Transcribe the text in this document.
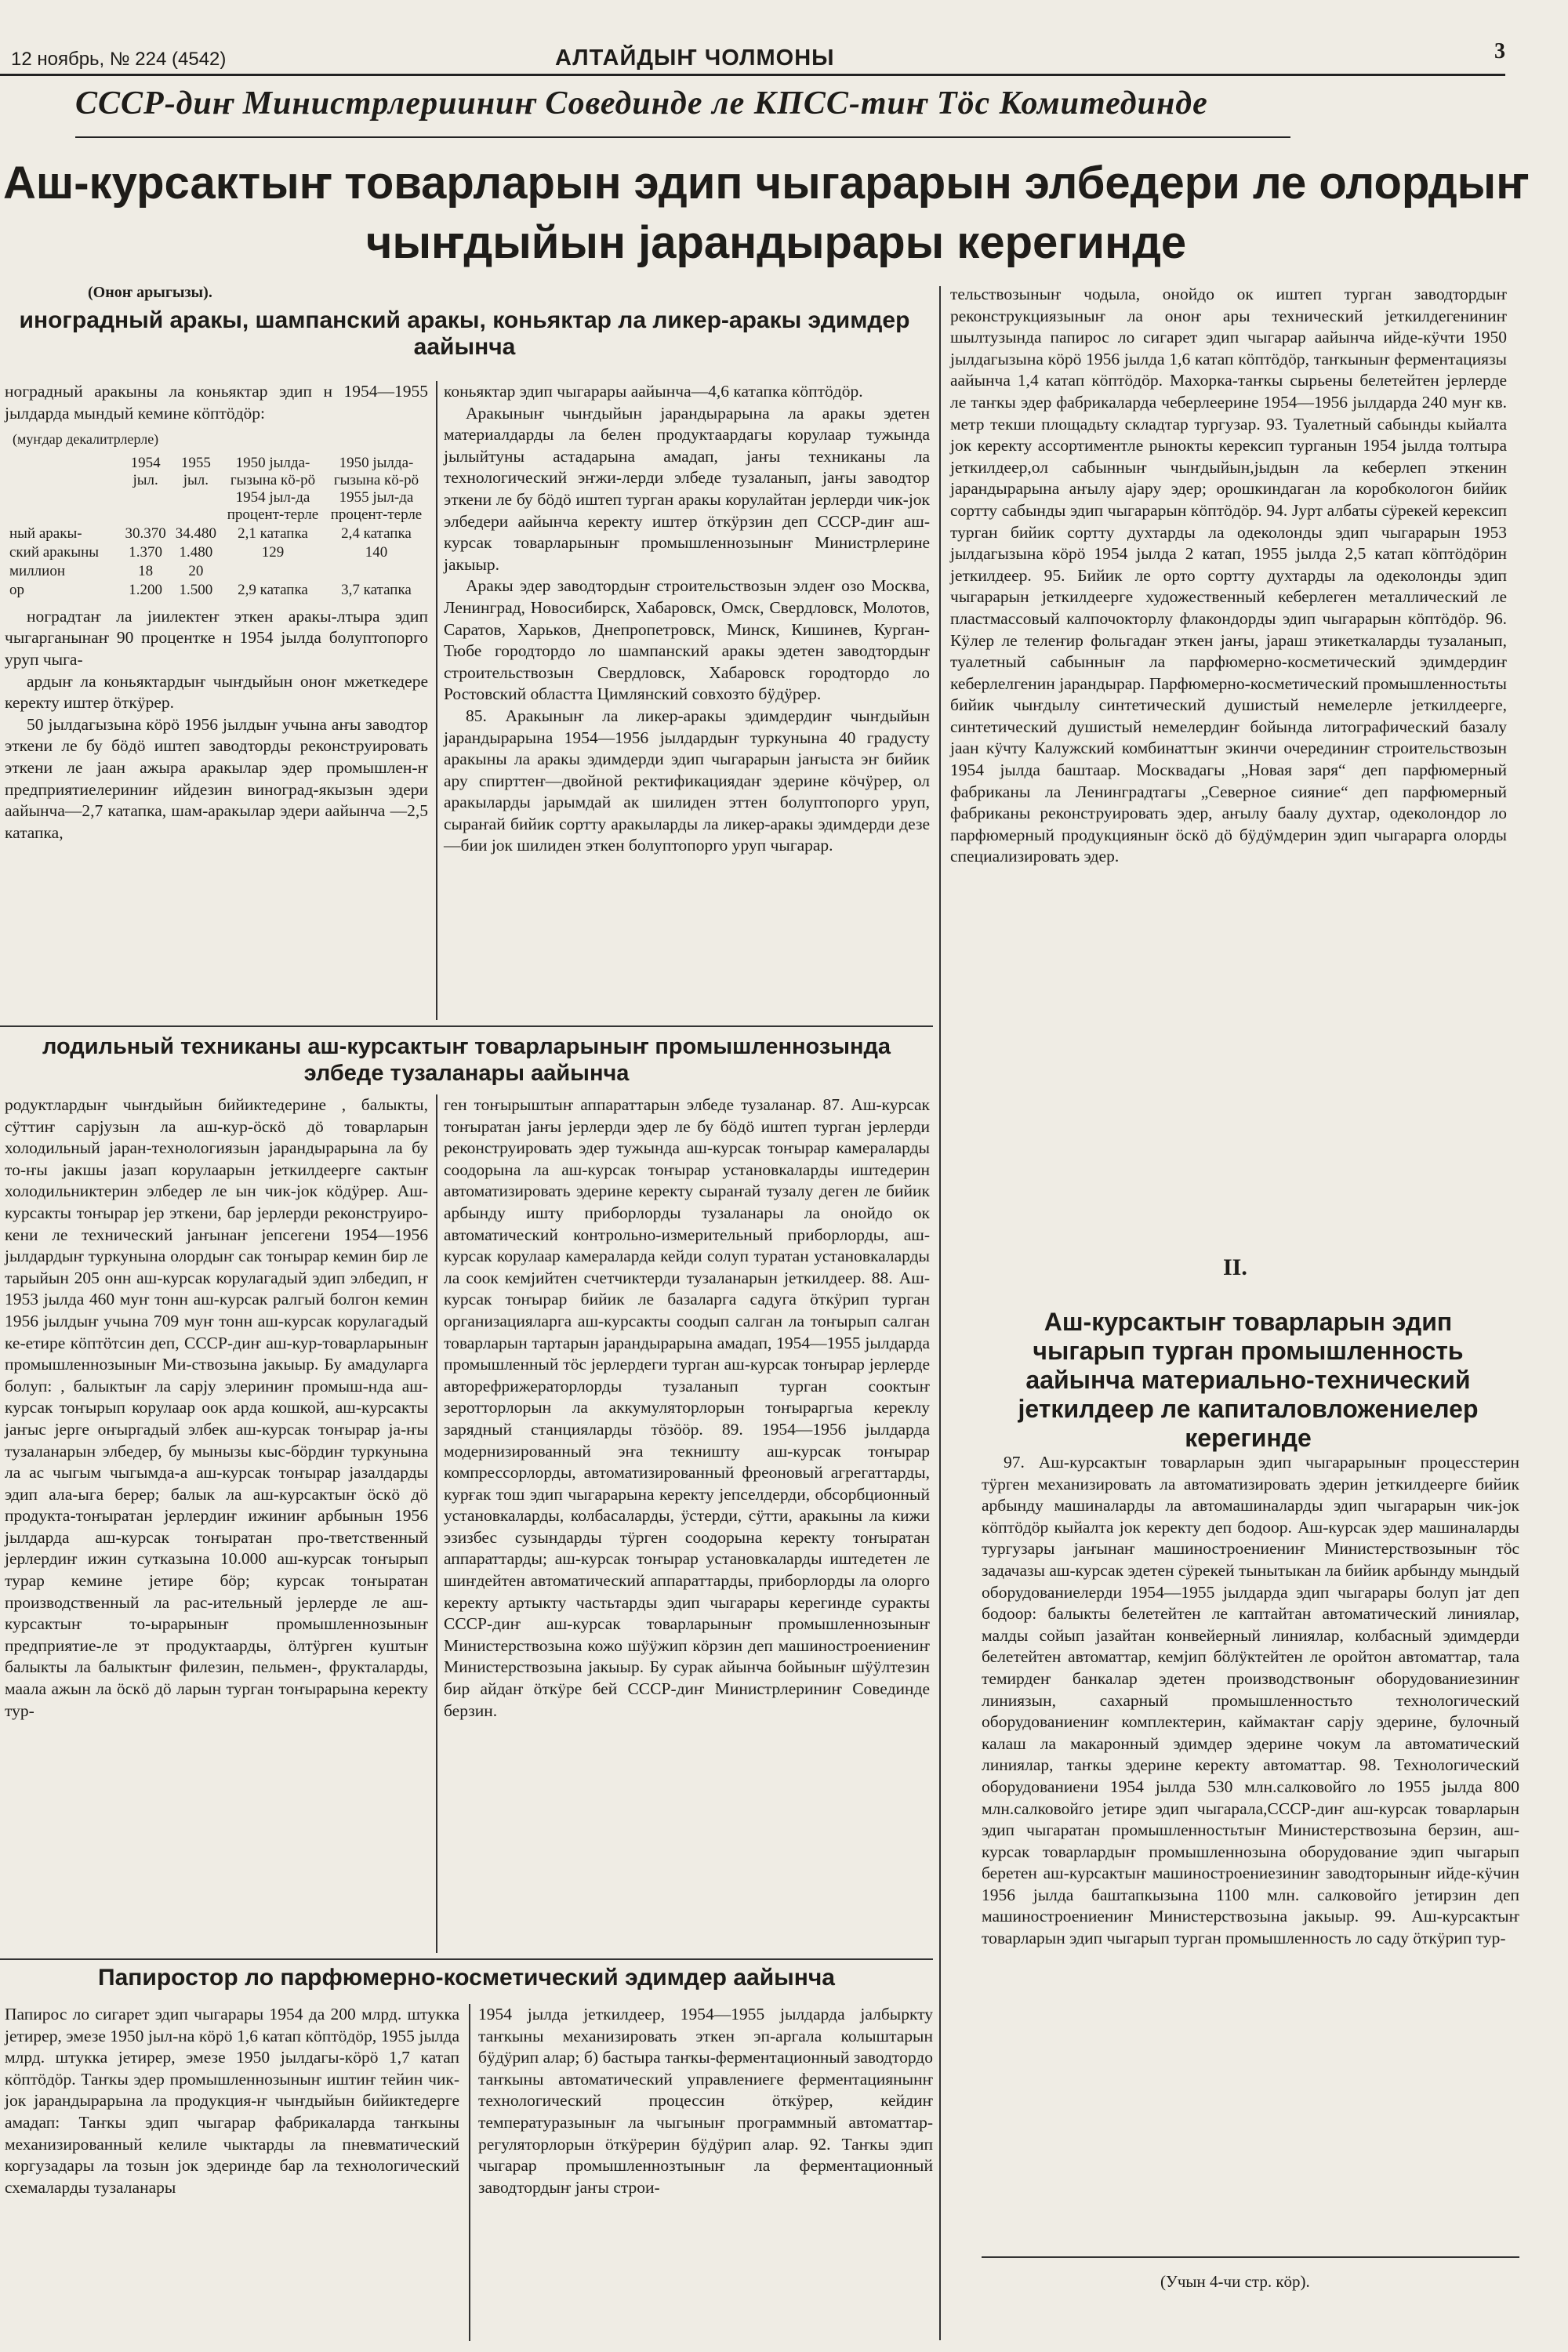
12 ноябрь, № 224 (4542)	АЛТАЙДЫҤ ЧОЛМОНЫ	3
СССР-диҥ Министрлерииниҥ Совединде ле КПСС-тиҥ Тӧс Комитединде
Аш-курсактыҥ товарларын эдип чыгарарын элбедери ле олордыҥ
чыҥдыйын јарандырары керегинде
(Оноҥ арыгызы).
иноградный аракы, шампанский аракы, коньяктар ла ликер-аракы эдимдер аайынча

ноградный аракыны ла коньяктар эдип н 1954—1955 јылдарда мындый кемине кӧптӧдӧр:

(муҥдар декалитрлерле)
	1954 јыл.	1955 јыл.	1950 јылда-гызына кӧ-рӧ 1954 јыл-да процент-терле	1950 јылда-гызына кӧ-рӧ 1955 јыл-да процент-терле
ный аракы-	30.370	34.480	2,1 катапка	2,4 катапка
ский аракыны	1.370	1.480	129	140
миллион	18	20		
ор	1.200	1.500	2,9 катапка	3,7 катапка

ноградтаҥ ла јиилектеҥ эткен аракы-лтыра эдип чыгарганынаҥ 90 процентке н 1954 јылда болуптопорго уруп чыга-

ардыҥ ла коньяктардыҥ чыҥдыйын оноҥ мжеткедере керекту иштер ӧткӱрер.

50 јылдагызына кӧрӧ 1956 јылдыҥ учына аҥы заводтор эткени ле бу бӧдӧ иштеп заводторды реконструировать эткени ле јаан ажыра аракылар эдер промышлен-ҥ предприятиелериниҥ ийдезин виноград-якызын эдери аайынча—2,7 катапка, шам-аракылар эдери аайынча —2,5 катапка,

коньяктар эдип чыгарары аайынча—4,6 катапка кӧптӧдӧр.

Аракыныҥ чыҥдыйын јарандырарына ла аракы эдетен материалдарды ла белен продуктаардагы корулаар тужында јылыйтуны астадарына амадап, јаҥы техниканы ла технологический эҥжи-лерди элбеде тузаланып, јаҥы заводтор эткени ле бу бӧдӧ иштеп турган аракы корулайтан јерлерди чик-јок элбедери аайынча керекту иштер ӧткӱрзин деп СССР-диҥ аш-курсак товарларыныҥ промышленнозыныҥ Министрлерине јакыыр.

Аракы эдер заводтордыҥ строительствозын элдеҥ озо Москва, Ленинград, Новосибирск, Хабаровск, Омск, Свердловск, Молотов, Саратов, Харьков, Днепропетровск, Минск, Кишинев, Курган-Тюбе городтордо ло шампанский аракы эдетен заводтордыҥ строительствозын Свердловск, Хабаровск городтордо ло Ростовский областта Цимлянский совхозто бӱдӱрер.

85. Аракыныҥ ла ликер-аракы эдимдердиҥ чыҥдыйын јарандырарына 1954—1956 јылдардыҥ туркунына 40 градусту аракыны ла аракы эдимдерди эдип чыгарарын јаҥыста эҥ бийик ару спирттеҥ—двойной ректификациядаҥ эдерине кӧчӱрер, ол аракыларды јарымдай ак шилиден эттен болуптопорго уруп, сыраҥай бийик сортту аракыларды ла ликер-аракы эдимдерди дезе—бии јок шилиден эткен болуптопорго уруп чыгарар.

лодильный техниканы аш-курсактыҥ товарларыныҥ промышленнозында элбеде тузаланары аайынча

родуктлардыҥ чыҥдыйын бийиктедерине , балыкты, сӱттиҥ сарјузын ла аш-кур-ӧскӧ дӧ товарларын холодильный јаран-технологиязын јарандырарына ла бу то-ҥы јакшы јазап корулаарын јеткилдеерге сактыҥ холодильниктерин элбедер ле ын чик-јок кӧдӱрер. Аш-курсакты тоҥырар јер эткени, бар јерлерди реконструиро-кени ле технический јаҥынаҥ јепсегени 1954—1956 јылдардыҥ туркунына олордыҥ сак тоҥырар кемин бир ле тарыйын 205 онн аш-курсак корулагадый эдип элбедип, ҥ 1953 јылда 460 муҥ тонн аш-курсак ралгый болгон кемин 1956 јылдыҥ учына 709 муҥ тонн аш-курсак корулагадый ке-етире кӧптӧтсин деп, СССР-диҥ аш-кур-товарларыныҥ промышленнозыныҥ Ми-ствозына јакыыр. Бу амадуларга болуп: , балыктыҥ ла сарју элериниҥ промыш-нда аш-курсак тоҥырып корулаар оок арда кошкой, аш-курсакты јаҥыс јерге оҥыргадый элбек аш-курсак тоҥырар ја-ҥы тузаланарын элбедер, бу мынызы кыс-бӧрдиҥ туркунына ла ас чыгым чыгымда-а аш-курсак тоҥырар јазалдарды эдип ала-ыга берер; балык ла аш-курсактыҥ ӧскӧ дӧ продукта-тоҥыратан јерлердиҥ ижиниҥ арбынын 1956 јылдарда аш-курсак тоҥыратан про-тветственный јерлердиҥ ижин сутказына 10.000 аш-курсак тоҥырып турар кемине јетире бӧр; курсак тоҥыратан производственный ла рас-ительный јерлерде ле аш-курсактыҥ то-ырарыныҥ промышленнозыныҥ предприятие-ле эт продуктаарды, ӧлтӱрген куштыҥ балыкты ла балыктыҥ филезин, пельмен-, фрукталарды, маала ажын ла ӧскӧ дӧ ларын турган тоҥырарына керекту тур-

ген тоҥырыштыҥ аппараттарын элбеде тузаланар. 87. Аш-курсак тоҥыратан јаҥы јерлерди эдер ле бу бӧдӧ иштеп турган јерлерди реконструировать эдер тужында аш-курсак тоҥырар камераларды соодорына ла аш-курсак тоҥырар установкаларды иштедерин автоматизировать эдерине керекту сыраҥай тузалу деген ле бийик арбынду ишту приборлорды тузаланары ла онойдо ок автоматический контрольно-измерительный приборлорды, аш-курсак корулаар камераларда кейди солуп туратан установкаларды ла соок кемјийтен счетчиктерди тузаланарын јеткилдеер. 88. Аш-курсак тоҥырар бийик ле базаларга садуга ӧткӱрип турган организацияларга аш-курсакты соодып салган ла тоҥырып салган товарларын тартарын јарандырарына амадап, 1954—1955 јылдарда промышленный тӧс јерлердеги турган аш-курсак тоҥырар јерлерде авторефрижераторлорды тузаланып турган сооктыҥ зеротторлорын ла аккумуляторлорын тоҥыраргыа кереклу зарядный станцияларды тӧзӧӧр. 89. 1954—1956 јылдарда модернизированный эҥа текништу аш-курсак тоҥырар компрессорлорды, автоматизированный фреоновый агрегаттарды, курғак тош эдип чыгарарына керекту јепселдерди, обсорбционный установкаларды, колбасаларды, ӱстерди, сӱтти, аракыны ла кижи эзизбес сузындарды тӱрген соодорына керекту тоҥыратан аппараттарды; аш-курсак тоҥырар установкаларды иштедетен ле шиҥдейтен автоматический аппараттарды, приборлорды ла олорго керекту артыкту частьтарды эдип чыгарары керегинде суракты СССР-диҥ аш-курсак товарларыныҥ промышленнозыныҥ Министерствозына кожо шӱӱжип кӧрзин деп машиностроениениҥ Министерствозына јакыыр. Бу сурак айынча бойыныҥ шӱӱлтезин бир айдаҥ ӧткӱре бей СССР-диҥ Министрлериниҥ Совединде берзин.

Папиростор ло парфюмерно-косметический эдимдер аайынча

Папирос ло сигарет эдип чыгарары 1954 да 200 млрд. штукка јетирер, эмезе 1950 јыл-на кӧрӧ 1,6 катап кӧптӧдӧр, 1955 јылда млрд. штукка јетирер, эмезе 1950 јылдагы-кӧрӧ 1,7 катап кӧптӧдӧр. Таҥкы эдер промышленнозыныҥ иштиҥ тейин чик-јок јарандырарына ла продукция-ҥ чыҥдыйын бийиктедерге амадап: Таҥкы эдип чыгарар фабрикаларда таҥкыны механизированный келиле чыктарды ла пневматический коргузадары ла тозын јок эдеринде бар ла технологический схемаларды тузаланары

1954 јылда јеткилдеер, 1954—1955 јылдарда јалбыркту таҥкыны механизировать эткен эп-аргала колыштарын бӱдӱрип алар; б) бастыра таҥкы-ферментационный заводтордо таҥкыны автоматический управлениеге ферментациянынҥ технологический процессин ӧткӱрер, кейдиҥ температуразыныҥ ла чыгыныҥ программный автоматтар-регуляторлорын ӧткӱрерин бӱдӱрип алар. 92. Таҥкы эдип чыгарар промышленнозтыныҥ ла ферментационный заводтордыҥ јаҥы строи-

тельствозыныҥ чодыла, онойдо ок иштеп турган заводтордыҥ реконструкциязыныҥ ла оноҥ ары технический јеткилдегениниҥ шылтузында папирос ло сигарет эдип чыгарар аайынча ийде-кӱчти 1950 јылдагызына кӧрӧ 1956 јылда 1,6 катап кӧптӧдӧр, таҥкыныҥ ферментациязы аайынча 1,4 катап кӧптӧдӧр. Махорка-таҥкы сырьены белетейтен јерлерде ле таҥкы эдер фабрикаларда чеберлеерине 1954—1956 јылдарда 240 муҥ кв. метр текши площадьту складтар тургузар. 93. Туалетный сабынды кыйалта јок керекту ассортиментле рынокты керексип турганын 1954 јылда толтыра јеткилдеер,ол сабынныҥ чыҥдыйын,јыдын ла кеберлеп эткенин јарандырарына аҥылу ајару эдер; орошкиндаган ла коробкологон бийик сортту сабынды эдип чыгарарын кӧптӧдӧр. 94. Јурт албаты сӱрекей керексип турган бийик сортту духтарды ла одеколонды эдип чыгарарын 1953 јылдагызына кӧрӧ 1954 јылда 2 катап, 1955 јылда 2,5 катап кӧптӧдӧрин јеткилдеер. 95. Бийик ле орто сортту духтарды ла одеколонды эдип чыгарарын јеткилдеерге художественный кеберлеген металлический ле пластмассовый калпочокторлу флакондорды эдип чыгарарын кӧптӧдӧр. 96. Кӱлер ле телеҥир фольгадаҥ эткен јаҥы, јараш этикеткаларды тузаланып, туалетный сабынныҥ ла парфюмерно-косметический эдимдердиҥ кеберлелгенин јарандырар. Парфюмерно-косметический промышленностьты бийик чыҥдылу синтетический душистый немелерле јеткилдеерге, синтетический душистый немелердиҥ бойында литографический базалу јаан кӱчту Калужский комбинаттыҥ экинчи очерединиҥ строительствозын 1954 јылда баштаар. Москвадагы „Новая заря“ деп парфюмерный фабриканы ла Ленинградтагы „Северное сияние“ деп парфюмерный фабриканы реконструировать эдер, аҥылу баалу духтар, одеколондор ло парфюмерный продукцияныҥ ӧскӧ дӧ бӱдӱмдерин эдип чыгарарга олорды специализировать эдер.

II.
Аш-курсактыҥ товарларын эдип чыгарып турган промышленность аайынча материально-технический јеткилдеер ле капиталовложениелер керегинде

97. Аш-курсактыҥ товарларын эдип чыгарарыныҥ процесстерин тӱрген механизировать ла автоматизировать эдерин јеткилдеерге бийик арбынду машиналарды ла автомашиналарды эдип чыгарарын чик-јок кӧптӧдӧр кыйалта јок керекту деп бодоор. Аш-курсак эдер машиналарды тургузары јаҥынаҥ машиностроениениҥ Министерствозыныҥ тӧс задачазы аш-курсак эдетен сӱрекей тынытыкан ла бийик арбынду мындый оборудованиелерди 1954—1955 јылдарда эдип чыгарары болуп јат деп бодоор: балыкты белетейтен ле каптайтан автоматический линиялар, малды сойып јазайтан конвейерный линиялар, колбасный эдимдерди белетейтен автоматтар, кемјип бӧлӱктейтен ле оройтон автоматтар, тала темирдеҥ банкалар эдетен производствоныҥ оборудованиезиниҥ линиязын, сахарный промышленностьто технологический оборудованиениҥ комплектерин, каймактаҥ сарју эдерине, булочный калаш ла макаронный эдимдер эдерине чокум ла автоматический линиялар, таҥкы эдерине керекту автоматтар. 98. Технологический оборудованиени 1954 јылда 530 млн.салковойго ло 1955 јылда 800 млн.салковойго јетире эдип чыгарала,СССР-диҥ аш-курсак товарларын эдип чыгаратан промышленностьтыҥ Министерствозына берзин, аш-курсак товарлардыҥ промышленнозына оборудование эдип чыгарып беретен аш-курсактыҥ машиностроениезиниҥ заводторыныҥ ийде-кӱчин 1956 јылда баштапкызына 1100 млн. салковойго јетирзин деп машиностроениениҥ Министерствозына јакыыр. 99. Аш-курсактыҥ товарларын эдип чыгарып турган промышленность ло саду ӧткӱрип тур-

(Учын 4-чи стр. кӧр).
